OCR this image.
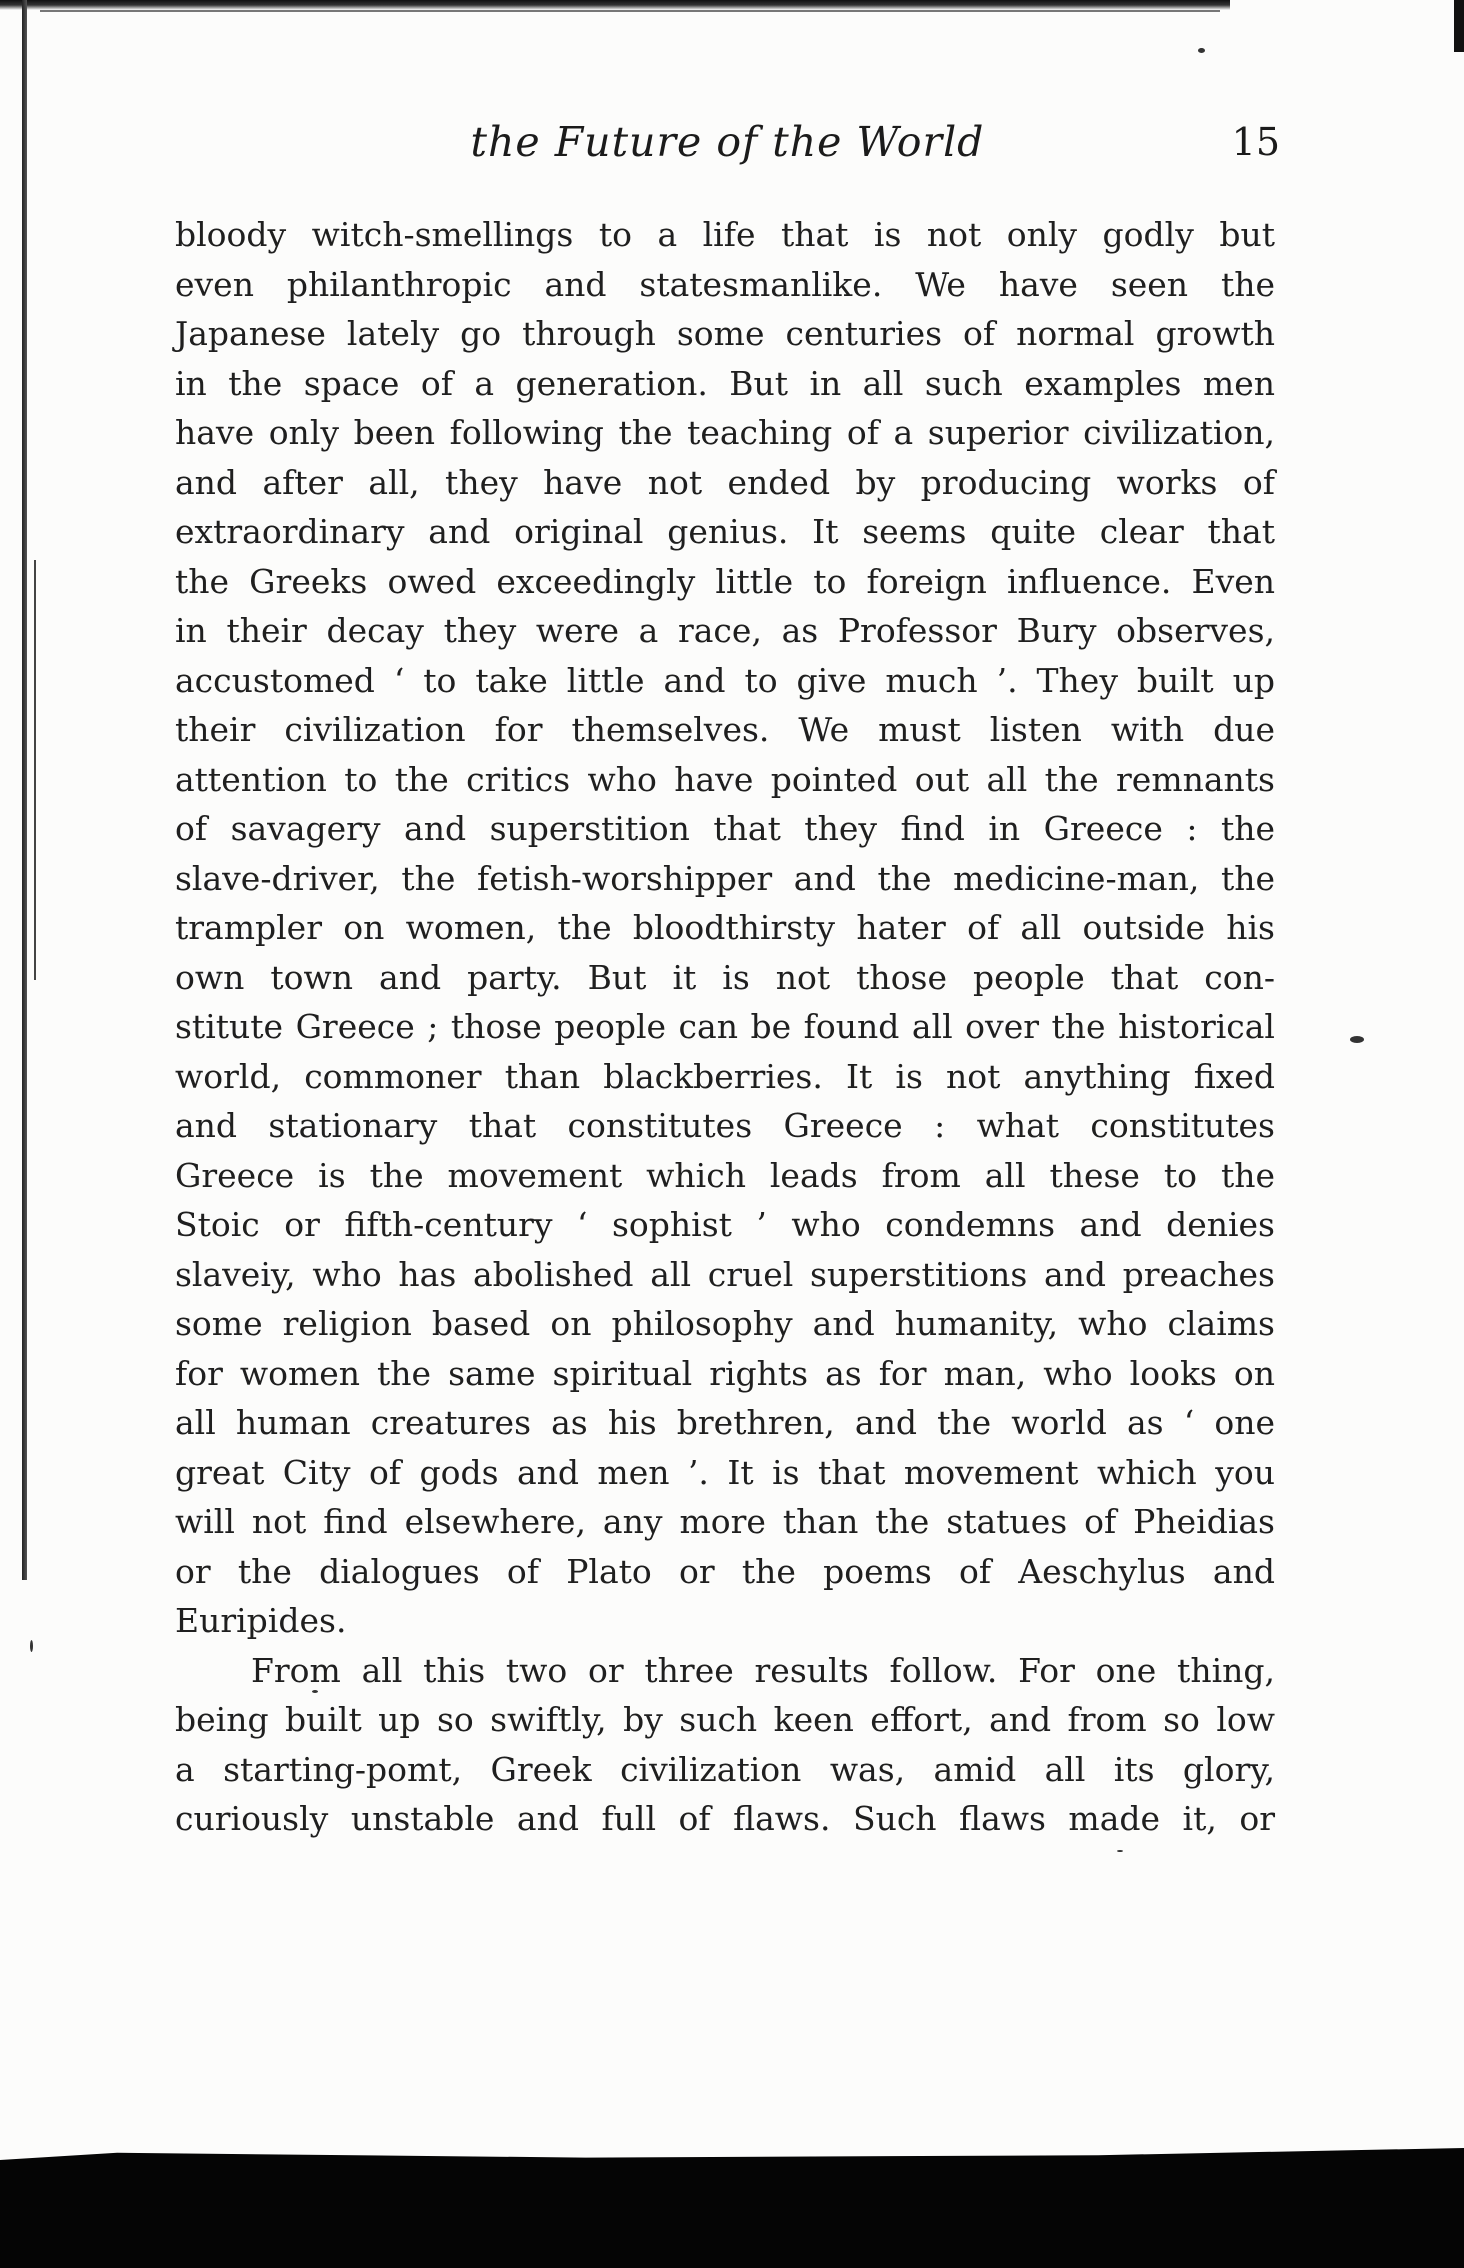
the Future of the World	15
bloody witch-smellings to a life that is not only godly but
even philanthropic and statesmanlike. We have seen the
Japanese lately go through some centuries of normal growth
in the space of a generation. But in all such examples men
have only been following the teaching of a superior civilization,
and after all, they have not ended by producing works of
extraordinary and original genius. It seems quite clear that
the Greeks owed exceedingly little to foreign influence. Even
in their decay they were a race, as Professor Bury observes,
accustomed ‘ to take little and to give much ’. They built up
their civilization for themselves. We must listen with due
attention to the critics who have pointed out all the remnants
of savagery and superstition that they find in Greece : the
slave-driver, the fetish-worshipper and the medicine-man, the
trampler on women, the bloodthirsty hater of all outside his
own town and party. But it is not those people that con-
stitute Greece ; those people can be found all over the historical
world, commoner than blackberries. It is not anything fixed
and stationary that constitutes Greece : what constitutes
Greece is the movement which leads from all these to the
Stoic or fifth-century ‘ sophist ’ who condemns and denies
slaveiy, who has abolished all cruel superstitions and preaches
some religion based on philosophy and humanity, who claims
for women the same spiritual rights as for man, who looks on
all human creatures as his brethren, and the world as ‘ one
great City of gods and men ’. It is that movement which you
will not find elsewhere, any more than the statues of Pheidias
or the dialogues of Plato or the poems of Aeschylus and
Euripides.
From all this two or three results follow. For one thing,
being built up so swiftly, by such keen effort, and from so low
a starting-pomt, Greek civilization was, amid all its glory,
curiously unstable and full of flaws. Such flaws made it, or
